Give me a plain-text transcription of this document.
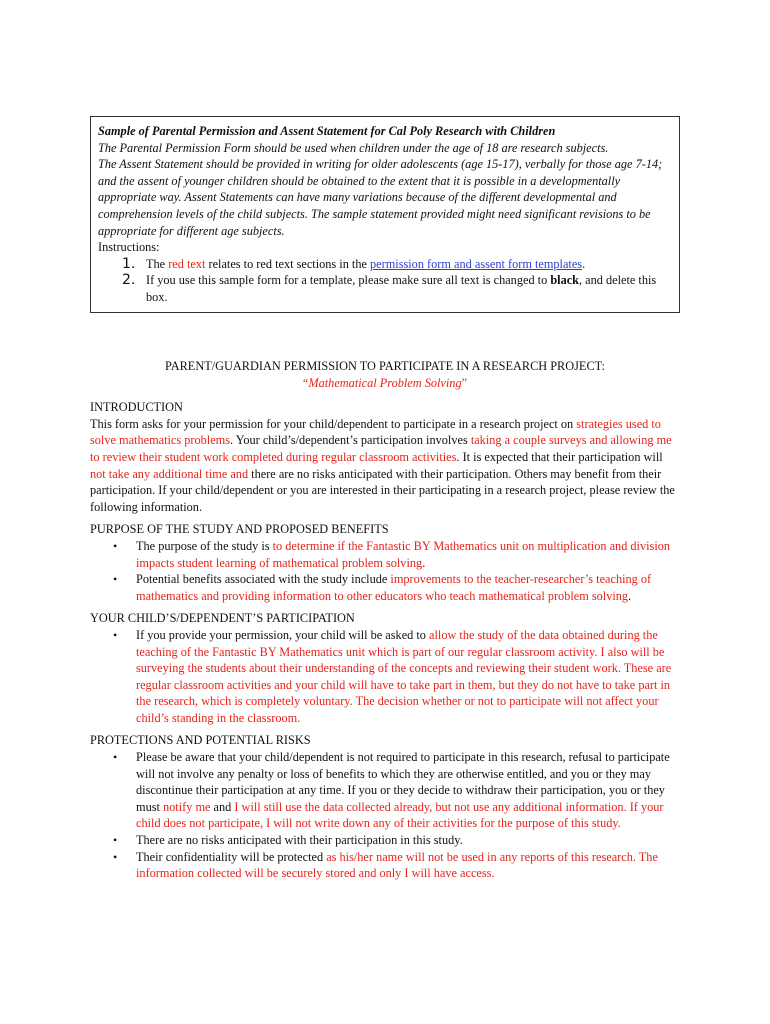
Sample of Parental Permission and Assent Statement for Cal Poly Research with Children

The Parental Permission Form should be used when children under the age of 18 are research subjects.

The Assent Statement should be provided in writing for older adolescents (age 15-17), verbally for those age 7-14; and the assent of younger children should be obtained to the extent that it is possible in a developmentally appropriate way. Assent Statements can have many variations because of the different developmental and comprehension levels of the child subjects. The sample statement provided might need significant revisions to be appropriate for different age subjects.

Instructions:

1. The red text relates to red text sections in the permission form and assent form templates.
2. If you use this sample form for a template, please make sure all text is changed to black, and delete this box.

PARENT/GUARDIAN PERMISSION TO PARTICIPATE IN A RESEARCH PROJECT:

“Mathematical Problem Solving”

INTRODUCTION

This form asks for your permission for your child/dependent to participate in a research project on strategies used to solve mathematics problems. Your child’s/dependent’s participation involves taking a couple surveys and allowing me to review their student work completed during regular classroom activities. It is expected that their participation will not take any additional time and there are no risks anticipated with their participation. Others may benefit from their participation. If your child/dependent or you are interested in their participating in a research project, please review the following information.

PURPOSE OF THE STUDY AND PROPOSED BENEFITS

• The purpose of the study is to determine if the Fantastic BY Mathematics unit on multiplication and division impacts student learning of mathematical problem solving.
• Potential benefits associated with the study include improvements to the teacher-researcher’s teaching of mathematics and providing information to other educators who teach mathematical problem solving.

YOUR CHILD’S/DEPENDENT’S PARTICIPATION

• If you provide your permission, your child will be asked to allow the study of the data obtained during the teaching of the Fantastic BY Mathematics unit which is part of our regular classroom activity. I also will be surveying the students about their understanding of the concepts and reviewing their student work. These are regular classroom activities and your child will have to take part in them, but they do not have to take part in the research, which is completely voluntary. The decision whether or not to participate will not affect your child’s standing in the classroom.

PROTECTIONS AND POTENTIAL RISKS

• Please be aware that your child/dependent is not required to participate in this research, refusal to participate will not involve any penalty or loss of benefits to which they are otherwise entitled, and you or they may discontinue their participation at any time. If you or they decide to withdraw their participation, you or they must notify me and I will still use the data collected already, but not use any additional information. If your child does not participate, I will not write down any of their activities for the purpose of this study.
• There are no risks anticipated with their participation in this study.
• Their confidentiality will be protected as his/her name will not be used in any reports of this research. The information collected will be securely stored and only I will have access.
